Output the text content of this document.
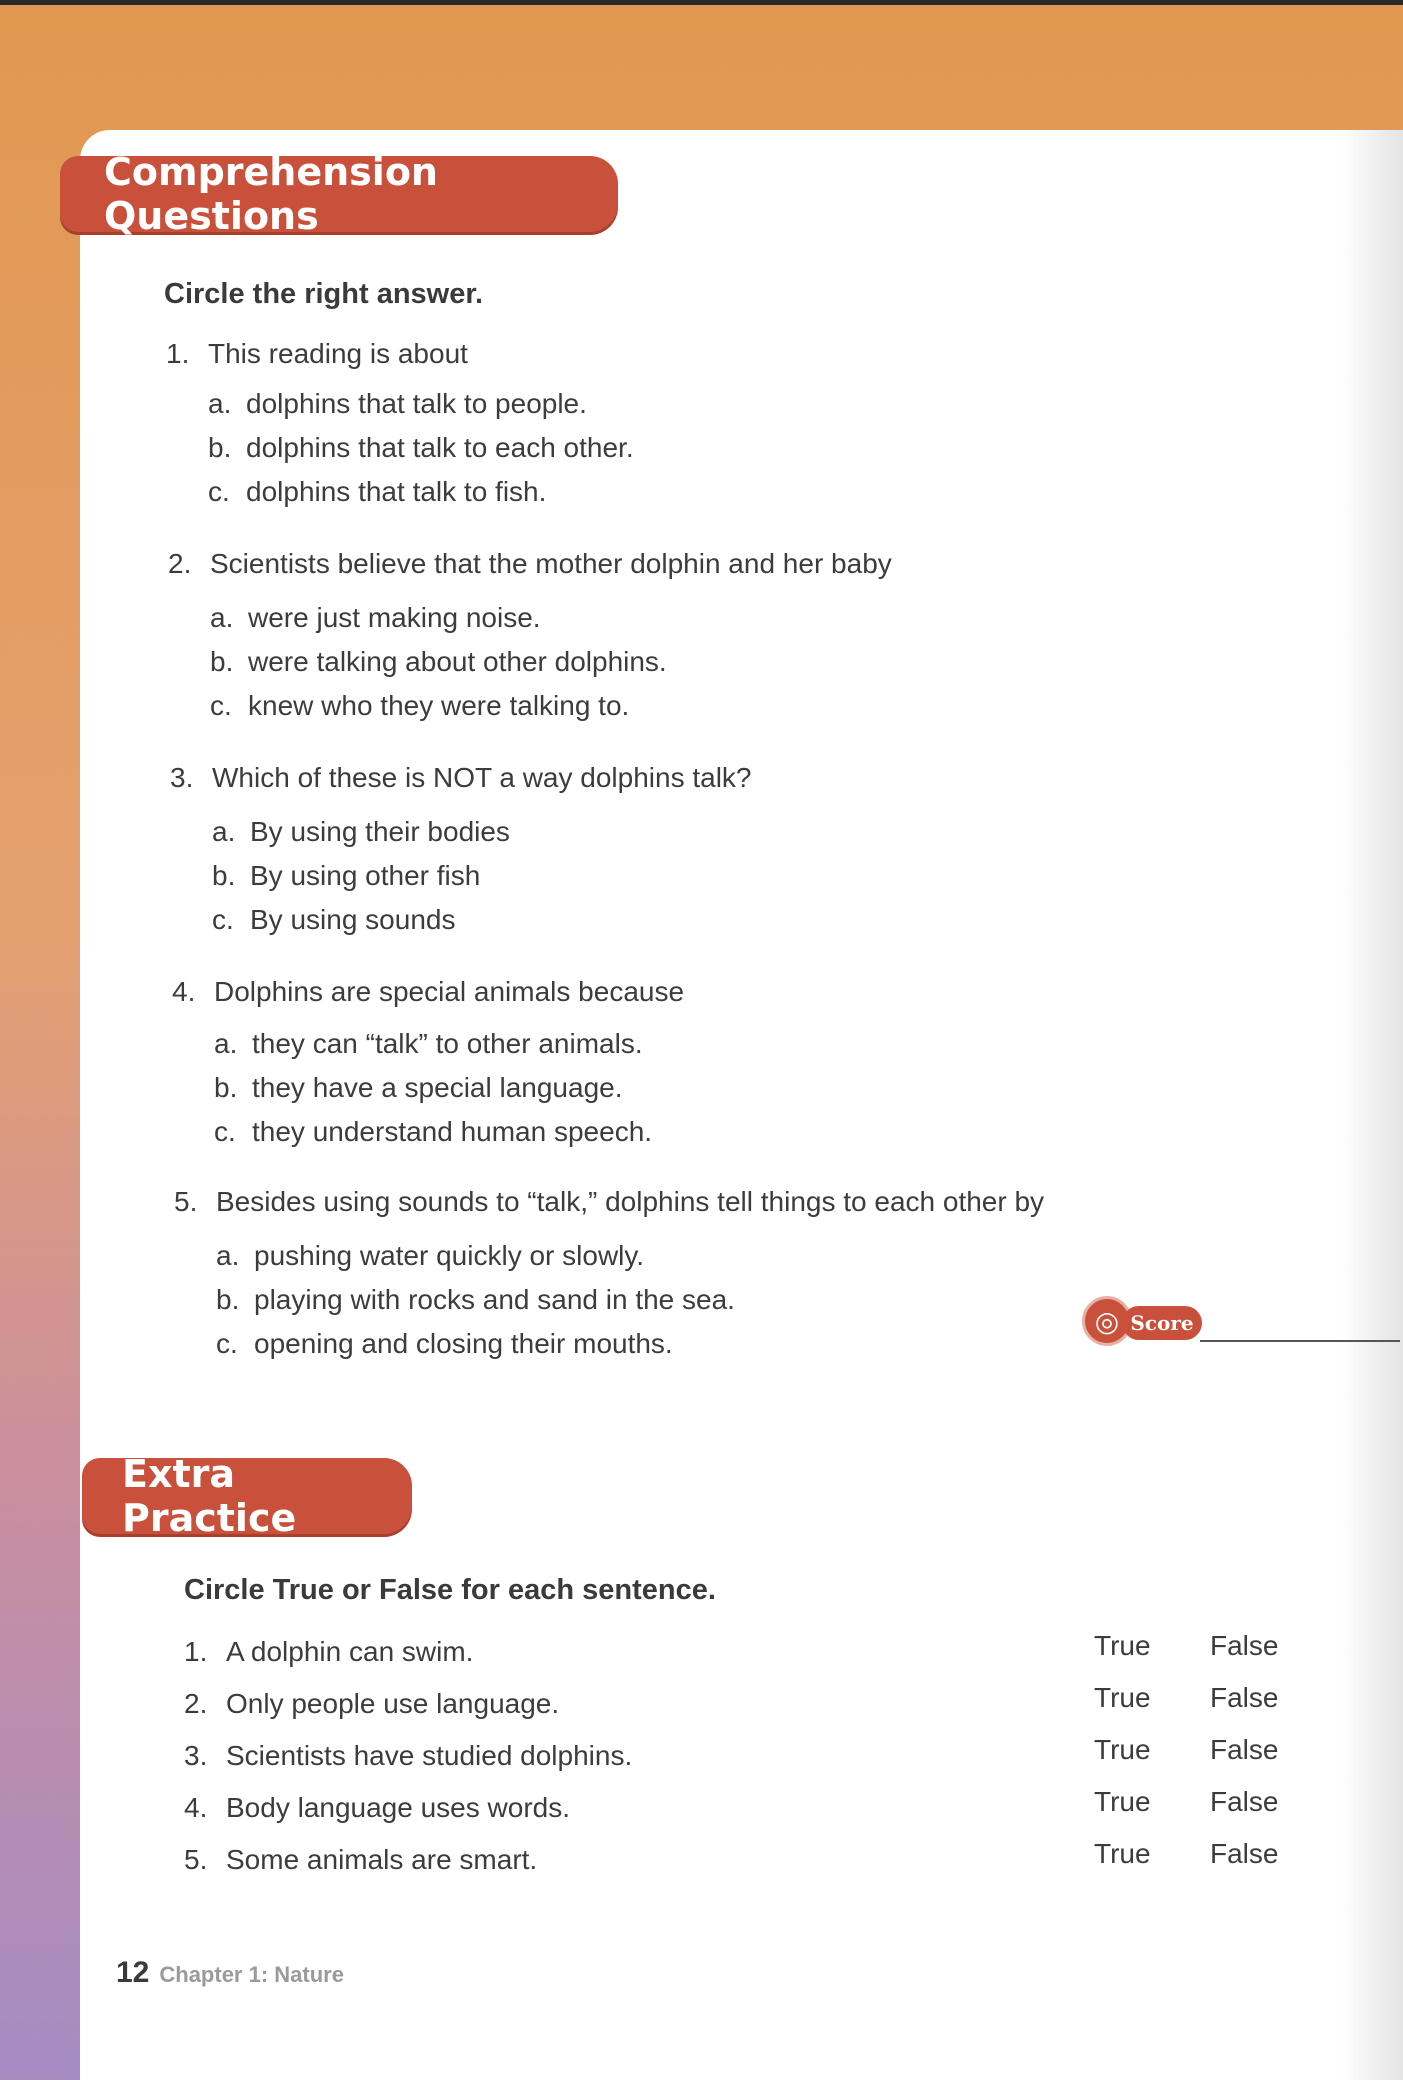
Comprehension Questions
Circle the right answer.
1. This reading is about
a. dolphins that talk to people.
b. dolphins that talk to each other.
c. dolphins that talk to fish.
2. Scientists believe that the mother dolphin and her baby
a. were just making noise.
b. were talking about other dolphins.
c. knew who they were talking to.
3. Which of these is NOT a way dolphins talk?
a. By using their bodies
b. By using other fish
c. By using sounds
4. Dolphins are special animals because
a. they can “talk” to other animals.
b. they have a special language.
c. they understand human speech.
5. Besides using sounds to “talk,” dolphins tell things to each other by
a. pushing water quickly or slowly.
b. playing with rocks and sand in the sea.
c. opening and closing their mouths.
◎ Score
Extra Practice
Circle True or False for each sentence.
1. A dolphin can swim.	True False
2. Only people use language.	True False
3. Scientists have studied dolphins.	True False
4. Body language uses words.	True False
5. Some animals are smart.	True False
12 Chapter 1: Nature
